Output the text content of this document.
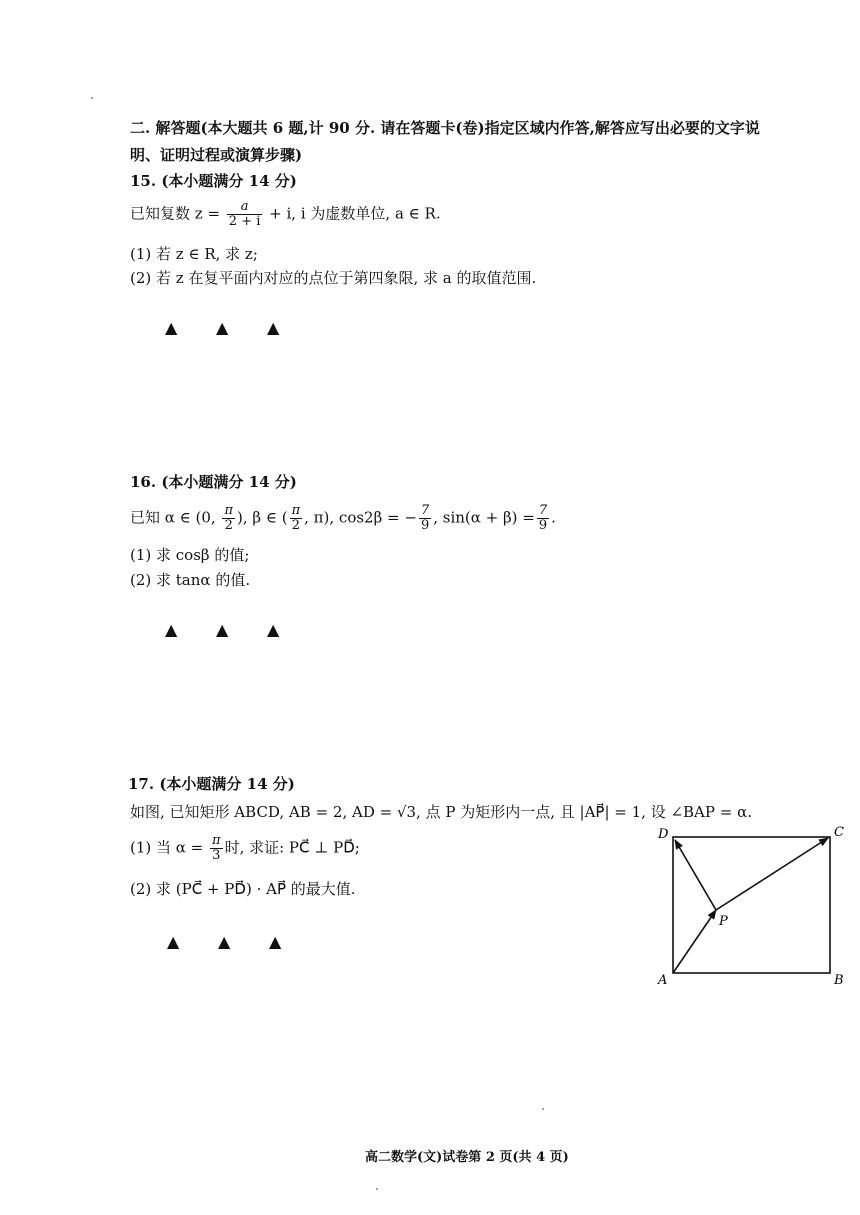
二. 解答题(本大题共 6 题,计 90 分. 请在答题卡(卷)指定区域内作答,解答应写出必要的文字说
明、证明过程或演算步骤)
15. (本小题满分 14 分)
已知复数 $z = \frac{a}{2 + i} + i$, i 为虚数单位, a ∈ R.
(1) 若 z ∈ R, 求 z;
(2) 若 z 在复平面内对应的点位于第四象限, 求 a 的取值范围.
▲ ▲ ▲
16. (本小题满分 14 分)
已知 α ∈ (0, $\frac{\pi}{2}$ ), β ∈ ( $\frac{\pi}{2}$ , π), cos2β = − $\frac{7}{9}$ , $\sin(\alpha + \beta) = \frac{7}{9}$ .
(1) 求 cosβ 的值;
(2) 求 tanα 的值.
▲ ▲ ▲
17. (本小题满分 14 分)
如图, 已知矩形 ABCD, AB = 2, AD = √3, 点 P 为矩形内一点, 且 |AP⃗| = 1, 设 ∠BAP = α.
(1) 当 $\alpha = \frac{\pi}{3}$ 时, 求证: PC⃗ ⊥ PD⃗;
(2) 求 (PC⃗ + PD⃗) · AP⃗ 的最大值.
▲ ▲ ▲
D	C
A	B
P
高二数学(文)试卷第 2 页(共 4 页)
